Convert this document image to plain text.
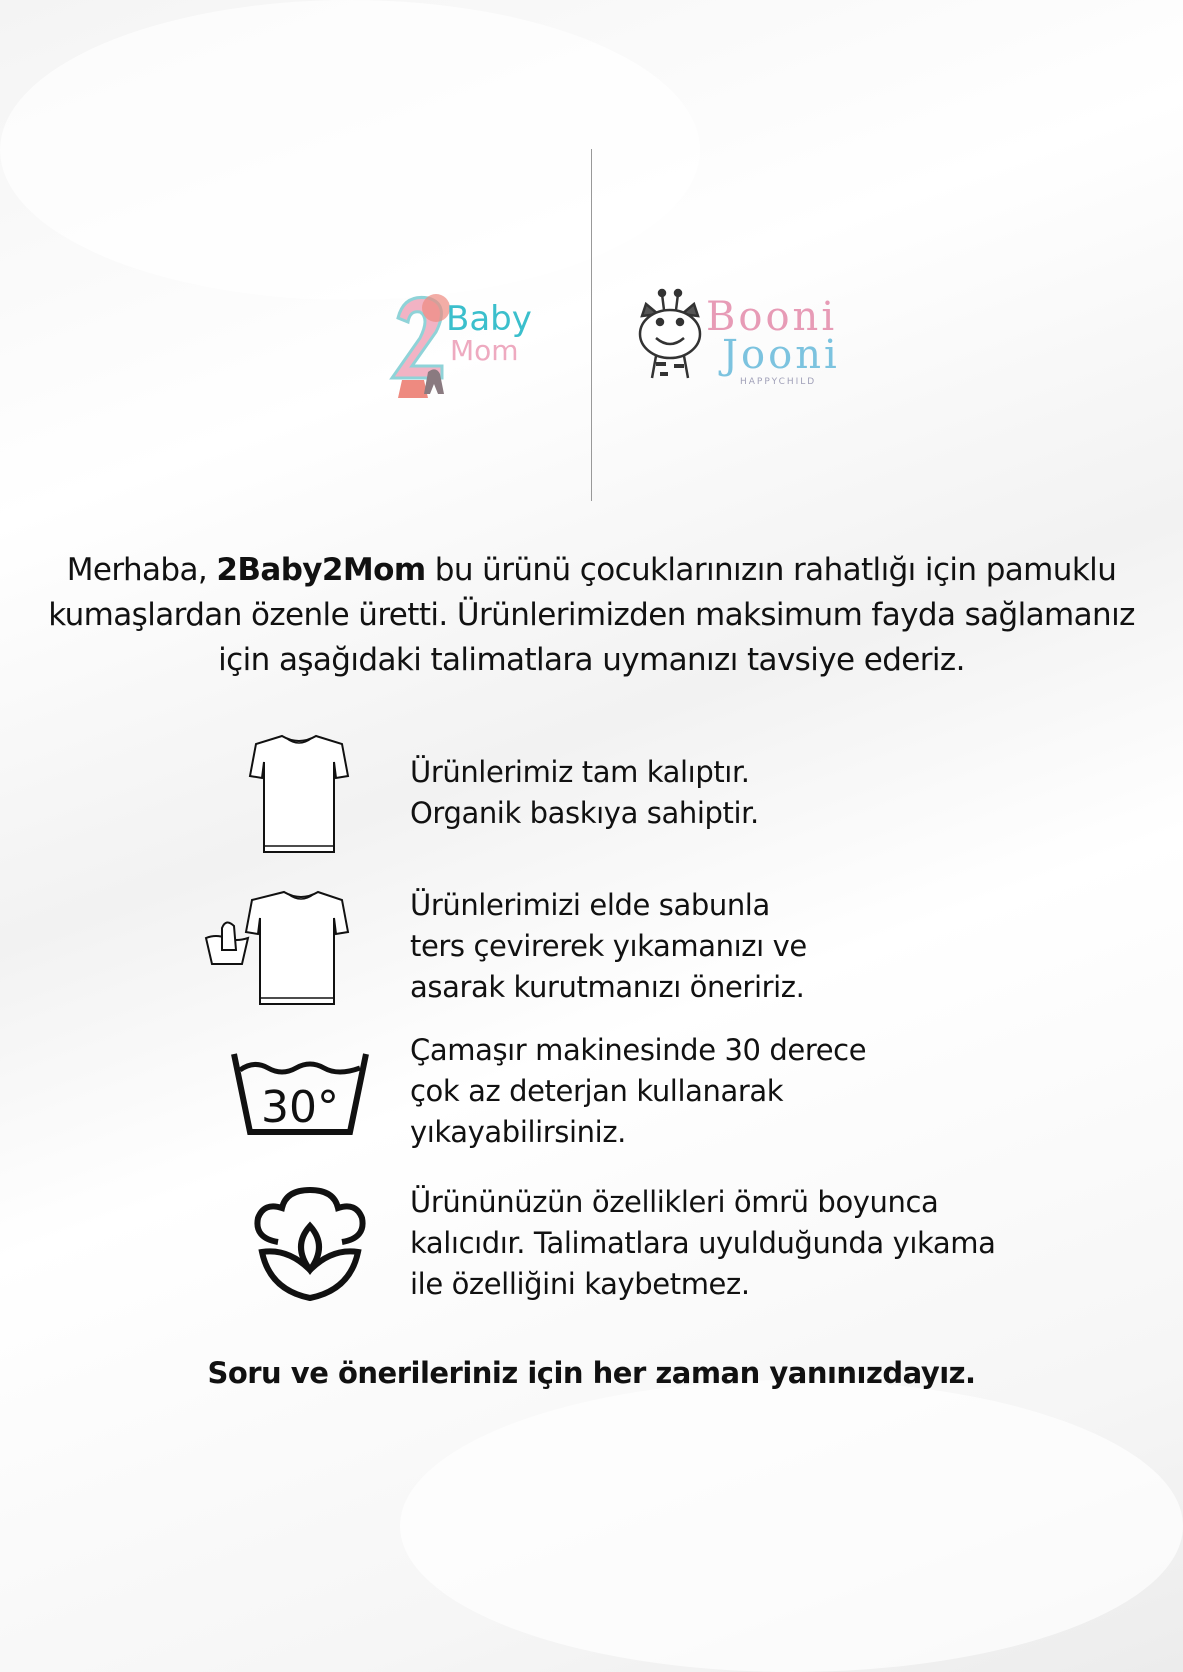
Baby
Mom
Booni
Jooni
HAPPYCHILD
Merhaba, 2Baby2Mom bu ürünü çocuklarınızın rahatlığı için pamuklu kumaşlardan özenle üretti. Ürünlerimizden maksimum fayda sağlamanız için aşağıdaki talimatlara uymanızı tavsiye ederiz.
Ürünlerimiz tam kalıptır.
Organik baskıya sahiptir.
Ürünlerimizi elde sabunla
ters çevirerek yıkamanızı ve
asarak kurutmanızı öneririz.
30°
Çamaşır makinesinde 30 derece
çok az deterjan kullanarak
yıkayabilirsiniz.
Ürününüzün özellikleri ömrü boyunca
kalıcıdır. Talimatlara uyulduğunda yıkama
ile özelliğini kaybetmez.
Soru ve önerileriniz için her zaman yanınızdayız.
